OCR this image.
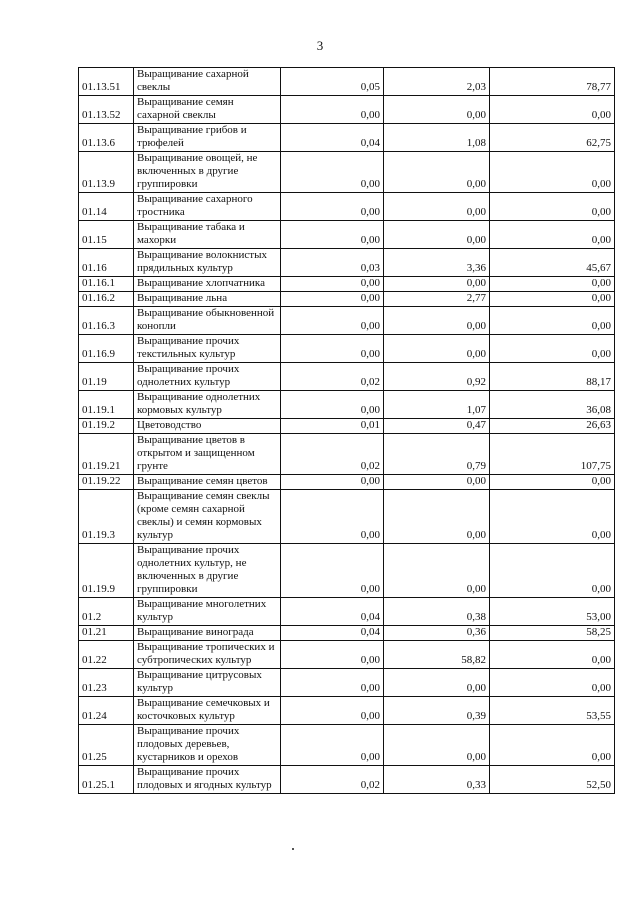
3
01.13.51	Выращивание сахарной свеклы	0,05	2,03	78,77
01.13.52	Выращивание семян сахарной свеклы	0,00	0,00	0,00
01.13.6	Выращивание грибов и трюфелей	0,04	1,08	62,75
01.13.9	Выращивание овощей, не включенных в другие группировки	0,00	0,00	0,00
01.14	Выращивание сахарного тростника	0,00	0,00	0,00
01.15	Выращивание табака и махорки	0,00	0,00	0,00
01.16	Выращивание волокнистых прядильных культур	0,03	3,36	45,67
01.16.1	Выращивание хлопчатника	0,00	0,00	0,00
01.16.2	Выращивание льна	0,00	2,77	0,00
01.16.3	Выращивание обыкновенной конопли	0,00	0,00	0,00
01.16.9	Выращивание прочих текстильных культур	0,00	0,00	0,00
01.19	Выращивание прочих однолетних культур	0,02	0,92	88,17
01.19.1	Выращивание однолетних кормовых культур	0,00	1,07	36,08
01.19.2	Цветоводство	0,01	0,47	26,63
01.19.21	Выращивание цветов в открытом и защищенном грунте	0,02	0,79	107,75
01.19.22	Выращивание семян цветов	0,00	0,00	0,00
01.19.3	Выращивание семян свеклы (кроме семян сахарной свеклы) и семян кормовых культур	0,00	0,00	0,00
01.19.9	Выращивание прочих однолетних культур, не включенных в другие группировки	0,00	0,00	0,00
01.2	Выращивание многолетних культур	0,04	0,38	53,00
01.21	Выращивание винограда	0,04	0,36	58,25
01.22	Выращивание тропических и субтропических культур	0,00	58,82	0,00
01.23	Выращивание цитрусовых культур	0,00	0,00	0,00
01.24	Выращивание семечковых и косточковых культур	0,00	0,39	53,55
01.25	Выращивание прочих плодовых деревьев, кустарников и орехов	0,00	0,00	0,00
01.25.1	Выращивание прочих плодовых и ягодных культур	0,02	0,33	52,50
